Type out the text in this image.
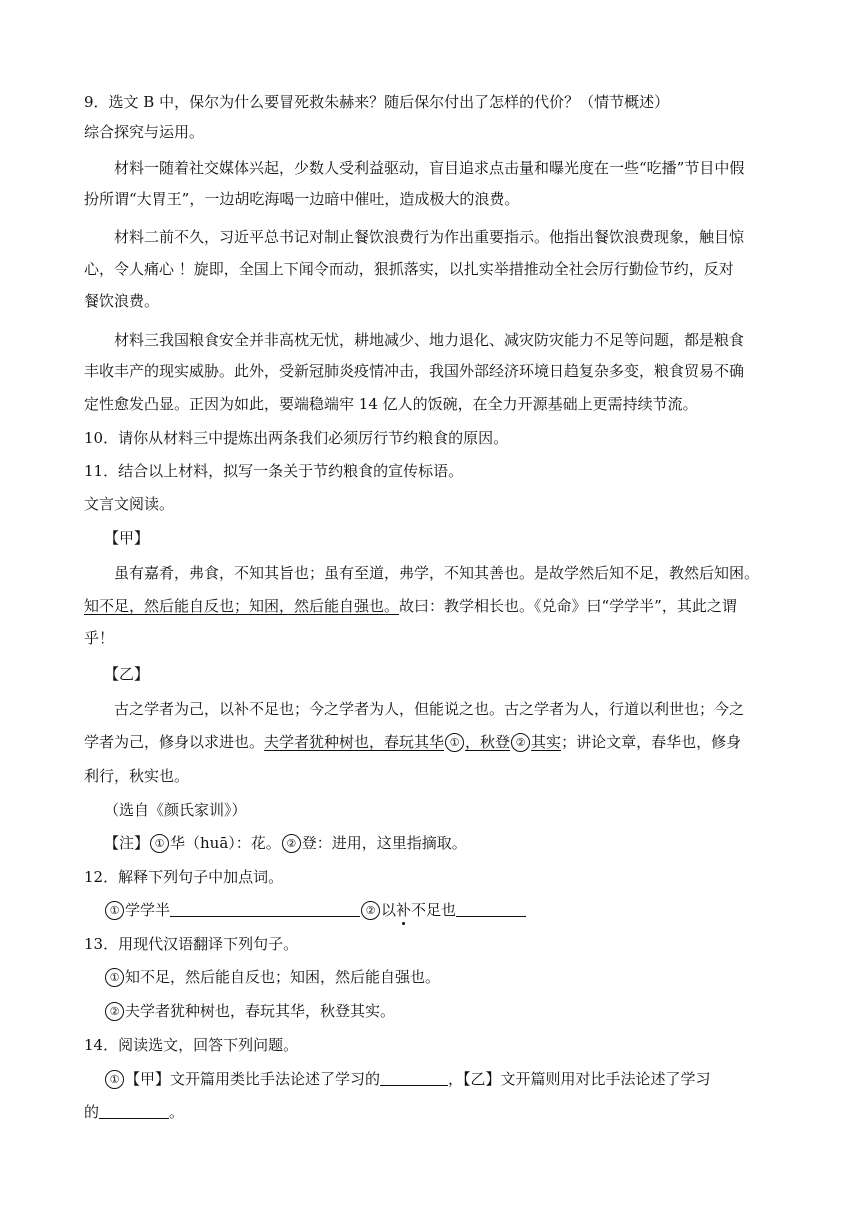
9．选文 B 中，保尔为什么要冒死救朱赫来？随后保尔付出了怎样的代价？（情节概述）
综合探究与运用。
材料一随着社交媒体兴起，少数人受利益驱动，盲目追求点击量和曝光度在一些“吃播”节目中假
扮所谓“大胃王”，一边胡吃海喝一边暗中催吐，造成极大的浪费。
材料二前不久，习近平总书记对制止餐饮浪费行为作出重要指示。他指出餐饮浪费现象，触目惊
心，令人痛心 ！旋即，全国上下闻令而动，狠抓落实，以扎实举措推动全社会厉行勤俭节约，反对
餐饮浪费。
材料三我国粮食安全并非高枕无忧，耕地减少、地力退化、减灾防灾能力不足等问题，都是粮食
丰收丰产的现实威胁。此外，受新冠肺炎疫情冲击，我国外部经济环境日趋复杂多变，粮食贸易不确
定性愈发凸显。正因为如此，要端稳端牢 14 亿人的饭碗，在全力开源基础上更需持续节流。
10．请你从材料三中提炼出两条我们必须厉行节约粮食的原因。
11．结合以上材料，拟写一条关于节约粮食的宣传标语。
文言文阅读。
【甲】
虽有嘉肴，弗食，不知其旨也；虽有至道，弗学，不知其善也。是故学然后知不足，教然后知困。
知不足，然后能自反也；知困，然后能自强也。故曰：教学相长也。《兑命》曰“学学半”，其此之谓
乎！
【乙】
古之学者为己，以补不足也；今之学者为人，但能说之也。古之学者为人，行道以利世也；今之
学者为己，修身以求进也。夫学者犹种树也，春玩其华 ① ，秋登 ② 其实；讲论文章，春华也，修身
利行，秋实也。
（选自《颜氏家训》）
【注】 ① 华（huā）：花。 ② 登：进用，这里指摘取。
12．解释下列句子中加点词。
① 学学半	② 以补不足也
13．用现代汉语翻译下列句子。
① 知不足，然后能自反也；知困，然后能自强也。
② 夫学者犹种树也，春玩其华，秋登其实。
14．阅读选文，回答下列问题。
① 【甲】文开篇用类比手法论述了学习的	，【乙】文开篇则用对比手法论述了学习
的	。
